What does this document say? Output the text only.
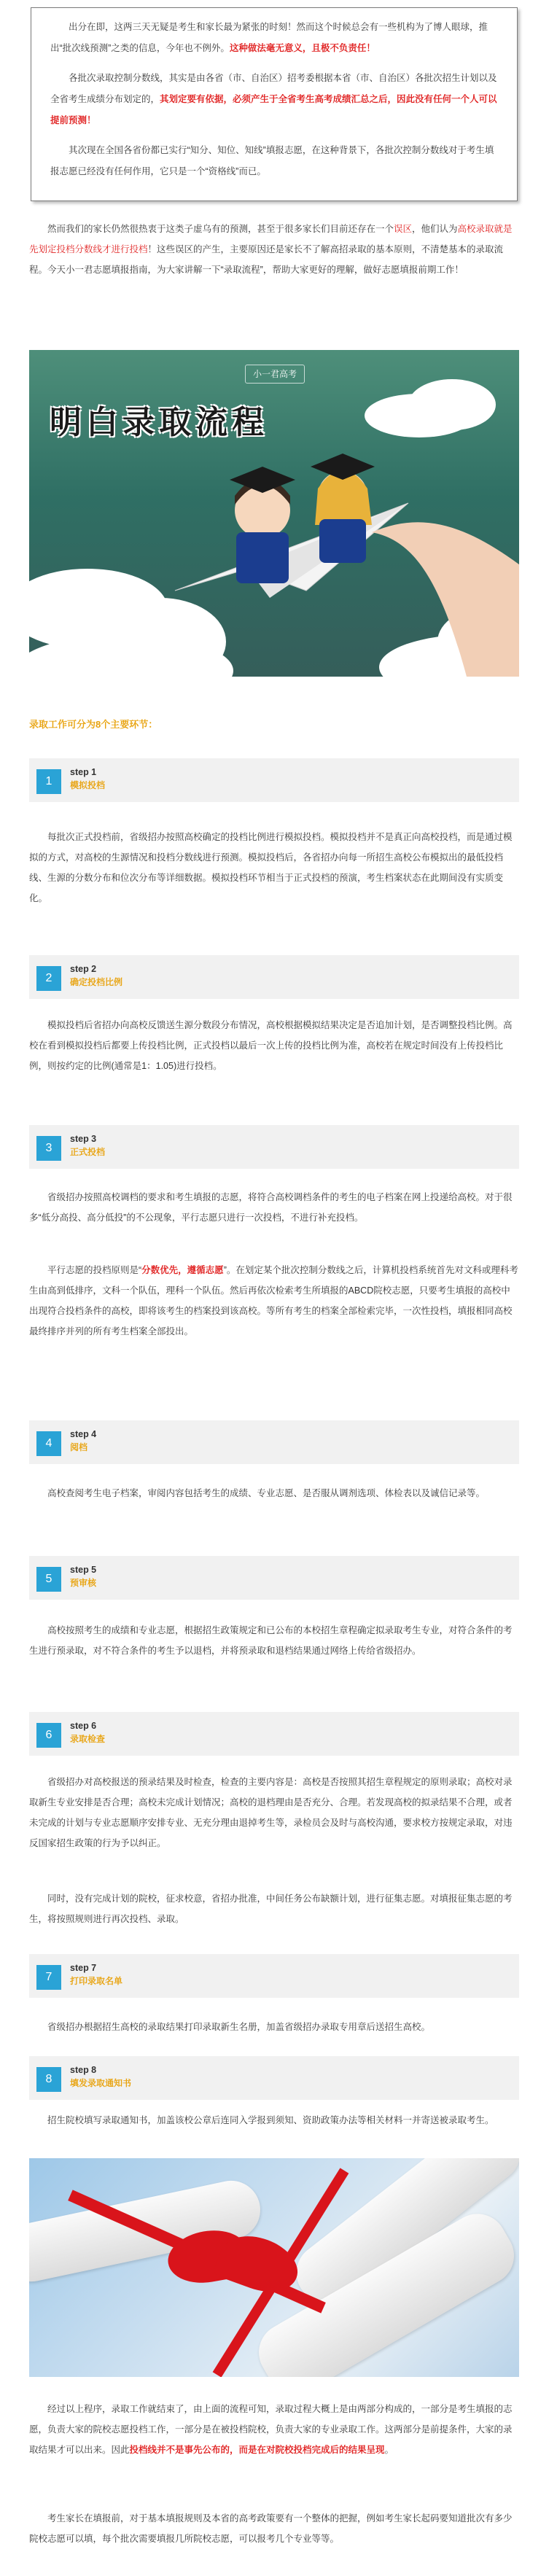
出分在即，这两三天无疑是考生和家长最为紧张的时刻！然而这个时候总会有一些机构为了博人眼球，推出“批次线预测”之类的信息，今年也不例外。这种做法毫无意义，且极不负责任！

各批次录取控制分数线，其实是由各省（市、自治区）招考委根据本省（市、自治区）各批次招生计划以及全省考生成绩分布划定的，其划定要有依据，必须产生于全省考生高考成绩汇总之后，因此没有任何一个人可以提前预测！

其次现在全国各省份都已实行“知分、知位、知线”填报志愿，在这种背景下，各批次控制分数线对于考生填报志愿已经没有任何作用，它只是一个“资格线”而已。

然而我们的家长仍然很热衷于这类子虚乌有的预测，甚至于很多家长们目前还存在一个误区，他们认为高校录取就是先划定投档分数线才进行投档！这些误区的产生，主要原因还是家长不了解高招录取的基本原则，不清楚基本的录取流程。今天小一君志愿填报指南，为大家讲解一下“录取流程”，帮助大家更好的理解，做好志愿填报前期工作！

小一君高考
明白录取流程
录取工作可分为8个主要环节：
1
step 1
模拟投档

每批次正式投档前，省级招办按照高校确定的投档比例进行模拟投档。模拟投档并不是真正向高校投档，而是通过模拟的方式，对高校的生源情况和投档分数线进行预测。模拟投档后，各省招办向每一所招生高校公布模拟出的最低投档线、生源的分数分布和位次分布等详细数据。模拟投档环节相当于正式投档的预演，考生档案状态在此期间没有实质变化。

2
step 2
确定投档比例

模拟投档后省招办向高校反馈送生源分数段分布情况，高校根据模拟结果决定是否追加计划，是否调整投档比例。高校在看到模拟投档后都要上传投档比例，正式投档以最后一次上传的投档比例为准，高校若在规定时间没有上传投档比例，则按约定的比例(通常是1：1.05)进行投档。

3
step 3
正式投档

省级招办按照高校调档的要求和考生填报的志愿，将符合高校调档条件的考生的电子档案在网上投递给高校。对于很多“低分高投、高分低投”的不公现象，平行志愿只进行一次投档，不进行补充投档。

平行志愿的投档原则是“分数优先，遵循志愿”。在划定某个批次控制分数线之后，计算机投档系统首先对文科或理科考生由高到低排序，文科一个队伍，理科一个队伍。然后再依次检索考生所填报的ABCD院校志愿，只要考生填报的高校中出现符合投档条件的高校，即将该考生的档案投到该高校。等所有考生的档案全部检索完毕，一次性投档，填报相同高校最终排序并列的所有考生档案全部投出。

4
step 4
阅档

高校查阅考生电子档案，审阅内容包括考生的成绩、专业志愿、是否服从调剂选项、体检表以及诚信记录等。

5
step 5
预审核

高校按照考生的成绩和专业志愿，根据招生政策规定和已公布的本校招生章程确定拟录取考生专业，对符合条件的考生进行预录取，对不符合条件的考生予以退档，并将预录取和退档结果通过网络上传给省级招办。

6
step 6
录取检查

省级招办对高校报送的预录结果及时检查，检查的主要内容是：高校是否按照其招生章程规定的原则录取；高校对录取新生专业安排是否合理；高校未完成计划情况；高校的退档理由是否充分、合理。若发现高校的拟录结果不合理，或者未完成的计划与专业志愿顺序安排专业、无充分理由退掉考生等，录检员会及时与高校沟通，要求校方按规定录取，对违反国家招生政策的行为予以纠正。

同时，没有完成计划的院校，征求校意，省招办批准，中间任务公布缺额计划，进行征集志愿。对填报征集志愿的考生，将按照规则进行再次投档、录取。

7
step 7
打印录取名单

省级招办根据招生高校的录取结果打印录取新生名册，加盖省级招办录取专用章后送招生高校。

8
step 8
填发录取通知书

招生院校填写录取通知书，加盖该校公章后连同入学报到须知、资助政策办法等相关材料一并寄送被录取考生。

经过以上程序，录取工作就结束了，由上面的流程可知，录取过程大概上是由两部分构成的，一部分是考生填报的志愿，负责大家的院校志愿投档工作，一部分是在被投档院校，负责大家的专业录取工作。这两部分是前提条件，大家的录取结果才可以出来。因此投档线并不是事先公布的，而是在对院校投档完成后的结果呈现。

考生家长在填报前，对于基本填报规则及本省的高考政策要有一个整体的把握，例如考生家长起码要知道批次有多少院校志愿可以填，每个批次需要填报几所院校志愿，可以报考几个专业等等。
